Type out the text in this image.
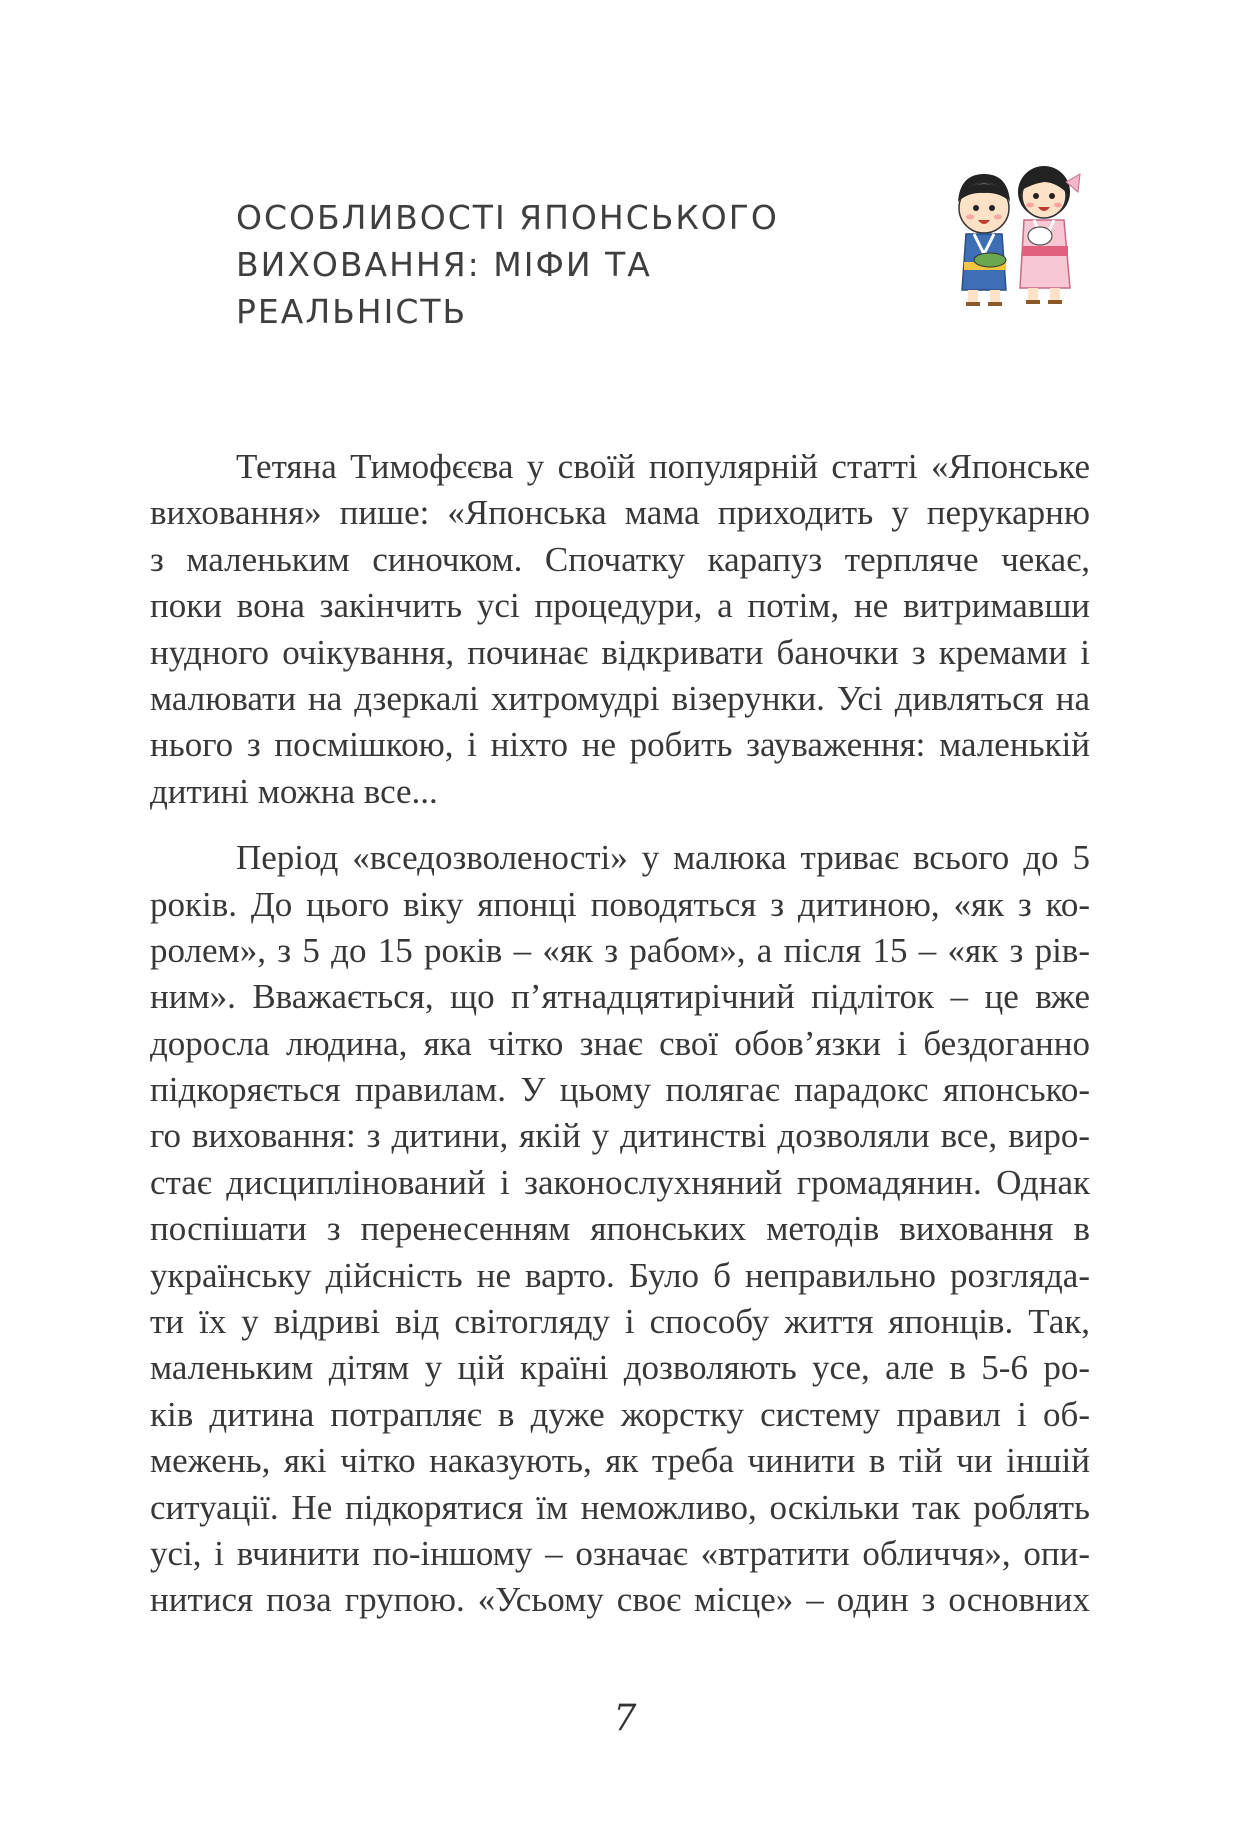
ОСОБЛИВОСТІ ЯПОНСЬКОГО
ВИХОВАННЯ: МІФИ ТА
РЕАЛЬНІСТЬ
Тетяна Тимофєєва у своїй популярній статті «Японське
виховання» пише: «Японська мама приходить у перукарню
з маленьким синочком. Спочатку карапуз терпляче чекає,
поки вона закінчить усі процедури, а потім, не витримавши
нудного очікування, починає відкривати баночки з кремами і
малювати на дзеркалі хитромудрі візерунки. Усі дивляться на
нього з посмішкою, і ніхто не робить зауваження: маленькій
дитині можна все...
Період «вседозволеності» у малюка триває всього до 5
років. До цього віку японці поводяться з дитиною, «як з ко-
ролем», з 5 до 15 років – «як з рабом», а після 15 – «як з рів-
ним». Вважається, що п’ятнадцятирічний підліток – це вже
доросла людина, яка чітко знає свої обов’язки і бездоганно
підкоряється правилам. У цьому полягає парадокс японсько-
го виховання: з дитини, якій у дитинстві дозволяли все, виро-
стає дисциплінований і законослухняний громадянин. Однак
поспішати з перенесенням японських методів виховання в
українську дійсність не варто. Було б неправильно розгляда-
ти їх у відриві від світогляду і способу життя японців. Так,
маленьким дітям у цій країні дозволяють усе, але в 5-6 ро-
ків дитина потрапляє в дуже жорстку систему правил і об-
межень, які чітко наказують, як треба чинити в тій чи іншій
ситуації. Не підкорятися їм неможливо, оскільки так роблять
усі, і вчинити по-іншому – означає «втратити обличчя», опи-
нитися поза групою. «Усьому своє місце» – один з основних
7
